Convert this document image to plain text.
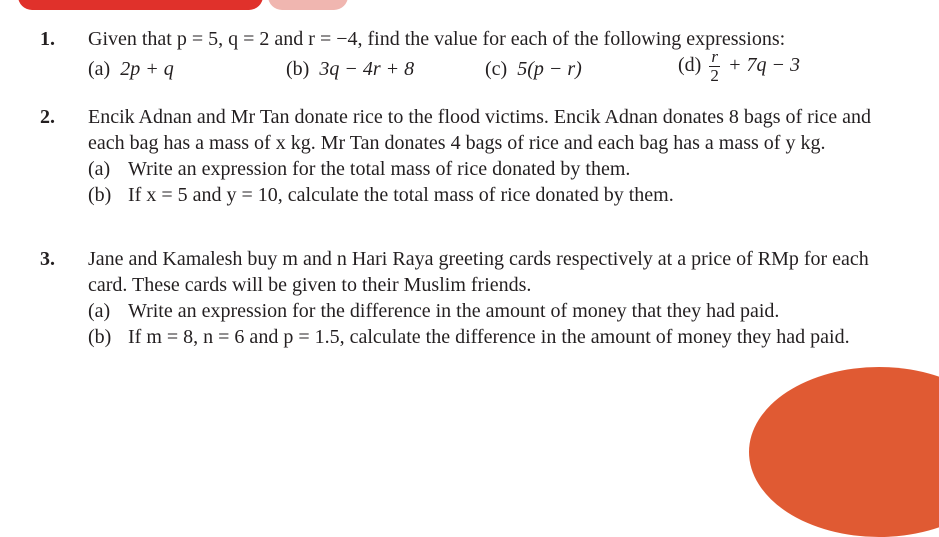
1. Given that p = 5, q = 2 and r = −4, find the value for each of the following expressions:
(a) 2p + q	(b) 3q − 4r + 8	(c) 5(p − r)	$(d) \frac{r}{2} + 7q - 3$
2. Encik Adnan and Mr Tan donate rice to the flood victims. Encik Adnan donates 8 bags of rice and each bag has a mass of x kg. Mr Tan donates 4 bags of rice and each bag has a mass of y kg.
(a) Write an expression for the total mass of rice donated by them.
(b) If x = 5 and y = 10, calculate the total mass of rice donated by them.
3. Jane and Kamalesh buy m and n Hari Raya greeting cards respectively at a price of RMp for each card. These cards will be given to their Muslim friends.
(a) Write an expression for the difference in the amount of money that they had paid.
(b) If m = 8, n = 6 and p = 1.5, calculate the difference in the amount of money they had paid.
